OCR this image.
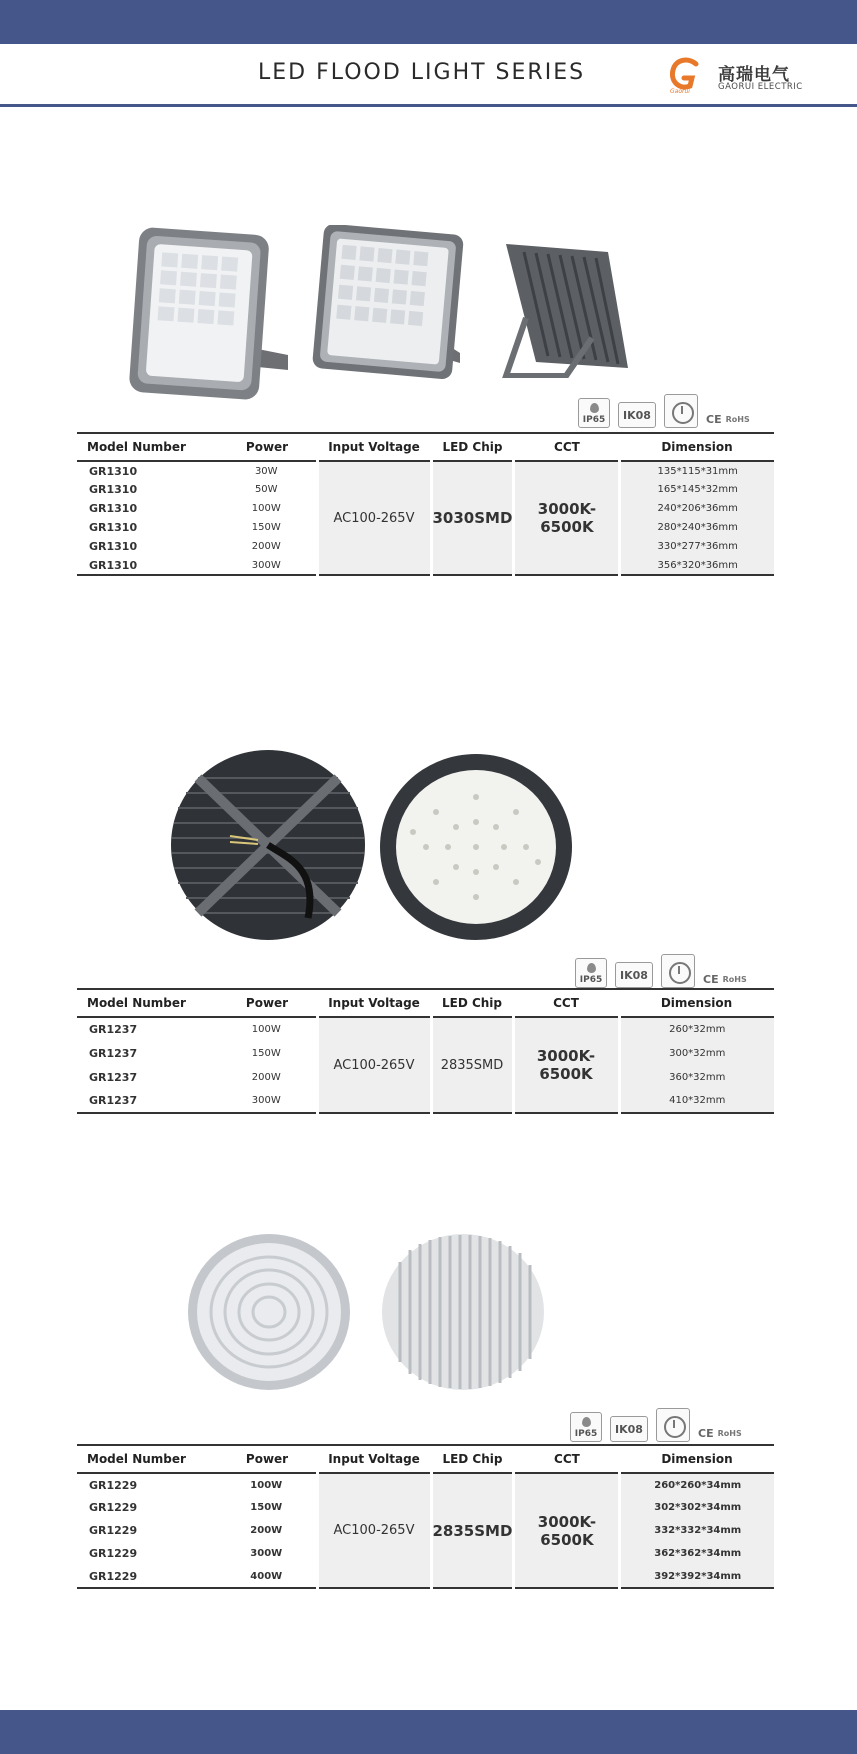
LED FLOOD LIGHT SERIES
Gaorui
高瑞电气
GAORUI ELECTRIC
IP65	IK08	CE RoHS
Model Number	Power	Input Voltage	LED Chip	CCT	Dimension
GR1310	30W	AC100-265V	3030SMD	3000K-6500K	135*115*31mm
GR1310	50W				165*145*32mm
GR1310	100W				240*206*36mm
GR1310	150W				280*240*36mm
GR1310	200W				330*277*36mm
GR1310	300W				356*320*36mm
IP65	IK08	CE RoHS
Model Number	Power	Input Voltage	LED Chip	CCT	Dimension
GR1237	100W	AC100-265V	2835SMD	3000K-6500K	260*32mm
GR1237	150W				300*32mm
GR1237	200W				360*32mm
GR1237	300W				410*32mm
IP65	IK08	CE RoHS
Model Number	Power	Input Voltage	LED Chip	CCT	Dimension
GR1229	100W	AC100-265V	2835SMD	3000K-6500K	260*260*34mm
GR1229	150W				302*302*34mm
GR1229	200W				332*332*34mm
GR1229	300W				362*362*34mm
GR1229	400W				392*392*34mm
